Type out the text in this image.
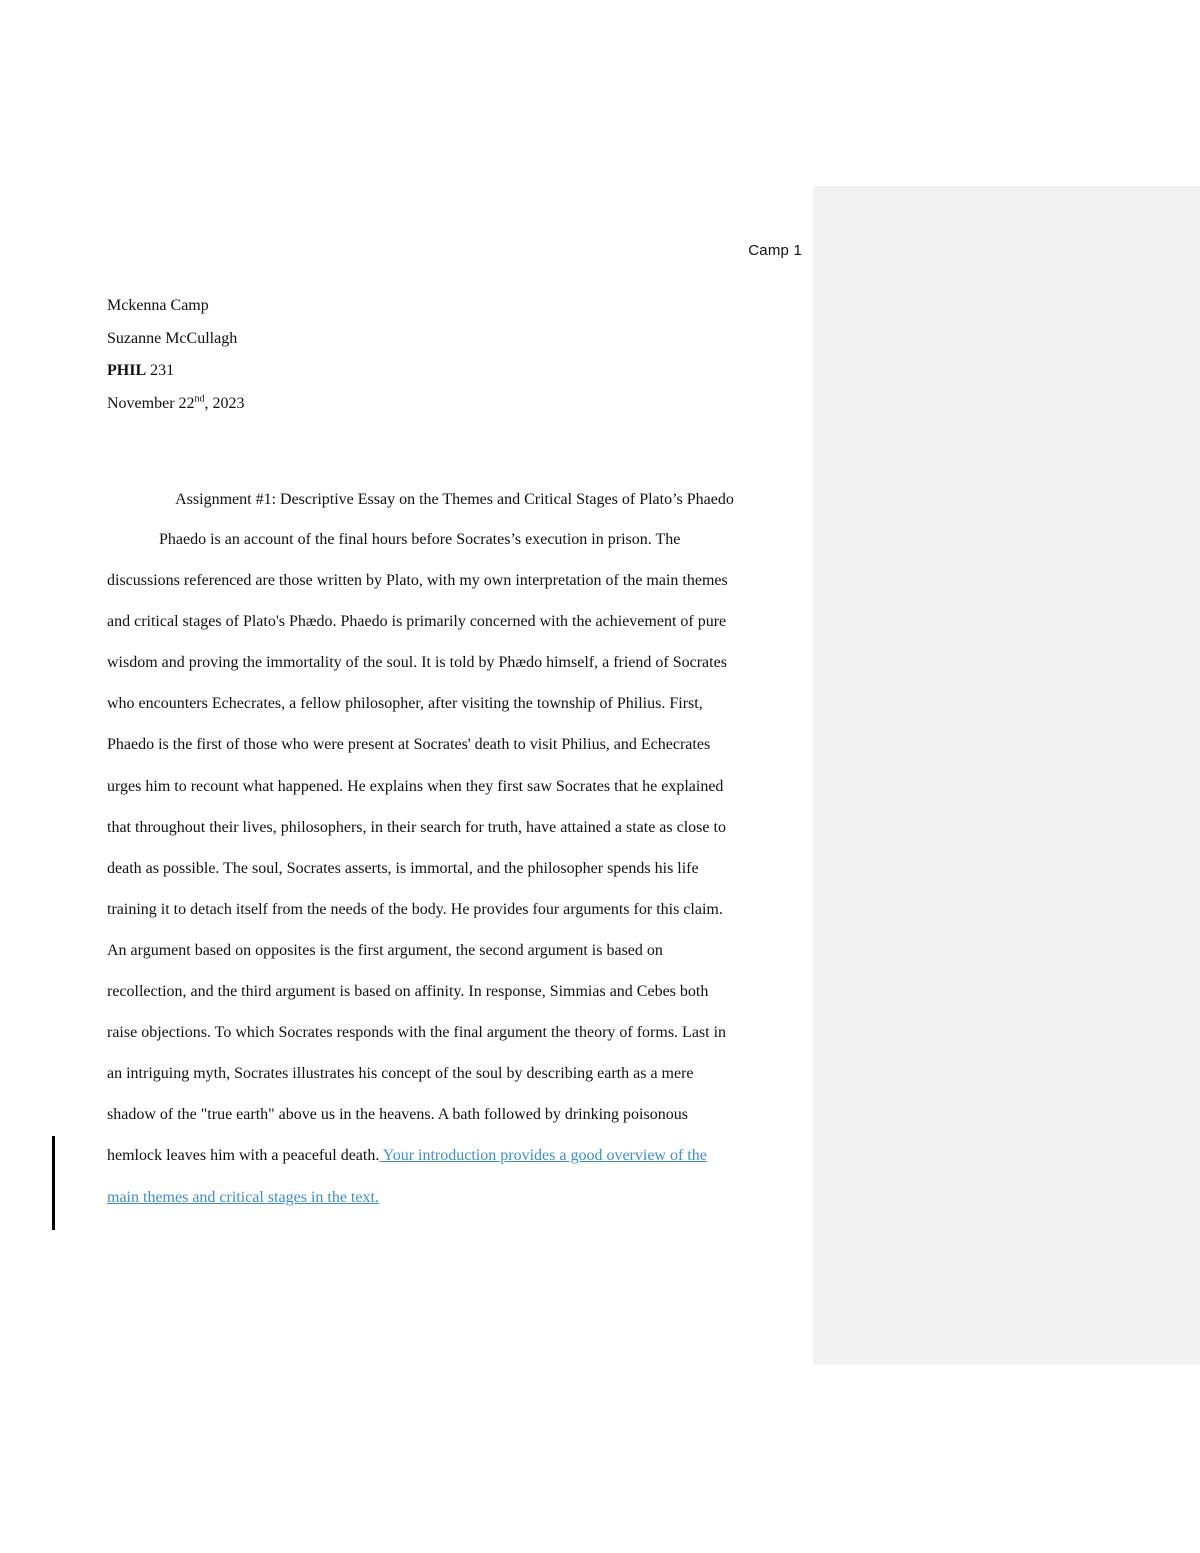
Camp 1
Mckenna Camp
Suzanne McCullagh
PHIL 231
November 22nd, 2023
Assignment #1: Descriptive Essay on the Themes and Critical Stages of Plato’s Phaedo
Phaedo is an account of the final hours before Socrates’s execution in prison. The
discussions referenced are those written by Plato, with my own interpretation of the main themes
and critical stages of Plato's Phædo. Phaedo is primarily concerned with the achievement of pure
wisdom and proving the immortality of the soul. It is told by Phædo himself, a friend of Socrates
who encounters Echecrates, a fellow philosopher, after visiting the township of Philius. First,
Phaedo is the first of those who were present at Socrates' death to visit Philius, and Echecrates
urges him to recount what happened. He explains when they first saw Socrates that he explained
that throughout their lives, philosophers, in their search for truth, have attained a state as close to
death as possible. The soul, Socrates asserts, is immortal, and the philosopher spends his life
training it to detach itself from the needs of the body. He provides four arguments for this claim.
An argument based on opposites is the first argument, the second argument is based on
recollection, and the third argument is based on affinity. In response, Simmias and Cebes both
raise objections. To which Socrates responds with the final argument the theory of forms. Last in
an intriguing myth, Socrates illustrates his concept of the soul by describing earth as a mere
shadow of the "true earth" above us in the heavens. A bath followed by drinking poisonous
hemlock leaves him with a peaceful death. Your introduction provides a good overview of the
main themes and critical stages in the text.
